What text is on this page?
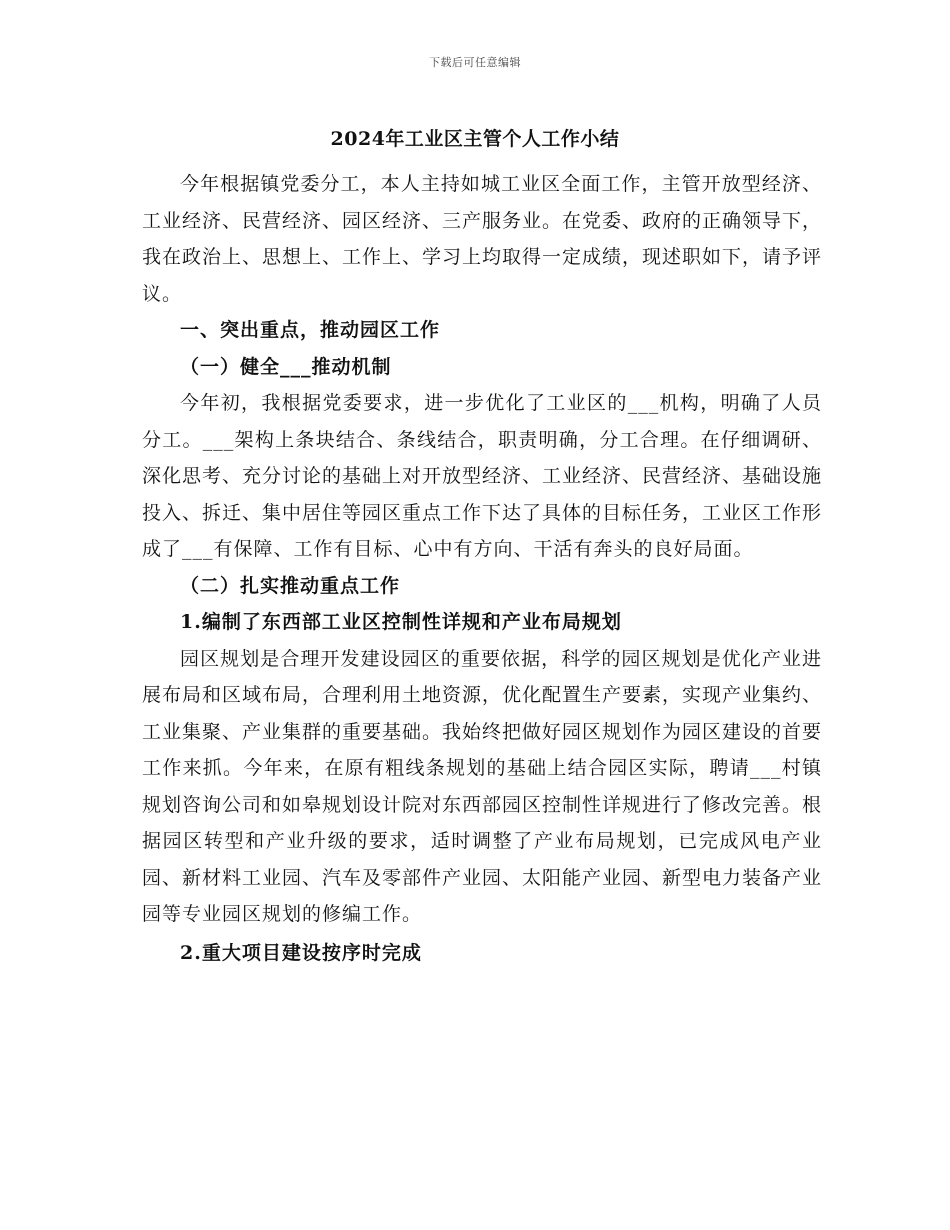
下载后可任意编辑
2024年工业区主管个人工作小结

今年根据镇党委分工，本人主持如城工业区全面工作，主管开放型经济、工业经济、民营经济、园区经济、三产服务业。在党委、政府的正确领导下，我在政治上、思想上、工作上、学习上均取得一定成绩，现述职如下，请予评议。

一、突出重点，推动园区工作

（一）健全___推动机制

今年初，我根据党委要求，进一步优化了工业区的___机构，明确了人员分工。___架构上条块结合、条线结合，职责明确，分工合理。在仔细调研、深化思考、充分讨论的基础上对开放型经济、工业经济、民营经济、基础设施投入、拆迁、集中居住等园区重点工作下达了具体的目标任务，工业区工作形成了___有保障、工作有目标、心中有方向、干活有奔头的良好局面。

（二）扎实推动重点工作

1.编制了东西部工业区控制性详规和产业布局规划

园区规划是合理开发建设园区的重要依据，科学的园区规划是优化产业进展布局和区域布局，合理利用土地资源，优化配置生产要素，实现产业集约、工业集聚、产业集群的重要基础。我始终把做好园区规划作为园区建设的首要工作来抓。今年来，在原有粗线条规划的基础上结合园区实际，聘请___村镇规划咨询公司和如皋规划设计院对东西部园区控制性详规进行了修改完善。根据园区转型和产业升级的要求，适时调整了产业布局规划，已完成风电产业园、新材料工业园、汽车及零部件产业园、太阳能产业园、新型电力装备产业园等专业园区规划的修编工作。

2.重大项目建设按序时完成
